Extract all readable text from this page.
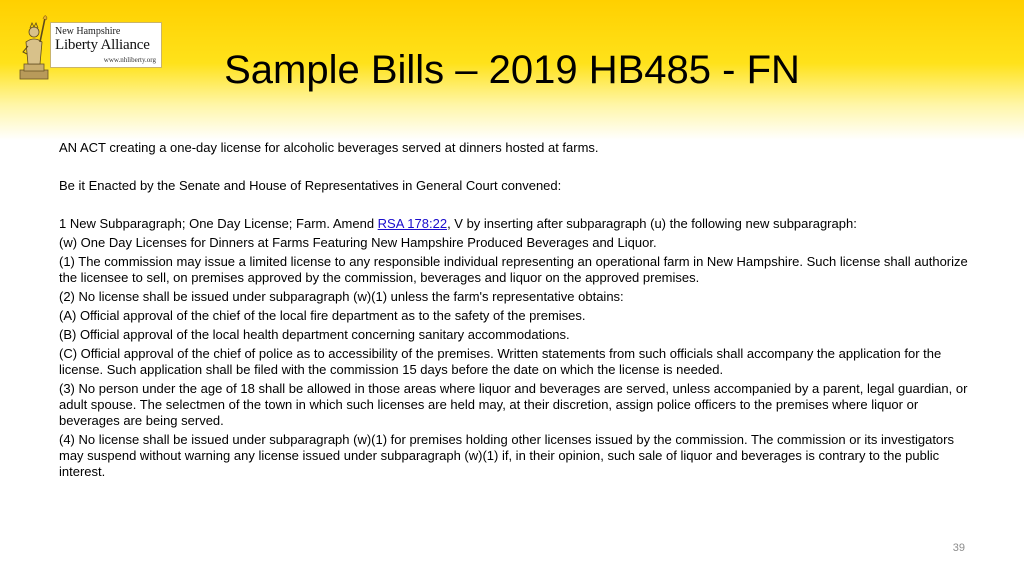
New Hampshire
Liberty Alliance
www.nhliberty.org	Sample Bills – 2019 HB485 - FN

AN ACT creating a one-day license for alcoholic beverages served at dinners hosted at farms.

Be it Enacted by the Senate and House of Representatives in General Court convened:

1 New Subparagraph; One Day License; Farm. Amend RSA 178:22, V by inserting after subparagraph (u) the following new subparagraph:

(w) One Day Licenses for Dinners at Farms Featuring New Hampshire Produced Beverages and Liquor.

(1) The commission may issue a limited license to any responsible individual representing an operational farm in New Hampshire. Such license shall authorize the licensee to sell, on premises approved by the commission, beverages and liquor on the approved premises.

(2) No license shall be issued under subparagraph (w)(1) unless the farm's representative obtains:

(A) Official approval of the chief of the local fire department as to the safety of the premises.

(B) Official approval of the local health department concerning sanitary accommodations.

(C) Official approval of the chief of police as to accessibility of the premises. Written statements from such officials shall accompany the application for the license. Such application shall be filed with the commission 15 days before the date on which the license is needed.

(3) No person under the age of 18 shall be allowed in those areas where liquor and beverages are served, unless accompanied by a parent, legal guardian, or adult spouse. The selectmen of the town in which such licenses are held may, at their discretion, assign police officers to the premises where liquor or beverages are being served.

(4) No license shall be issued under subparagraph (w)(1) for premises holding other licenses issued by the commission. The commission or its investigators may suspend without warning any license issued under subparagraph (w)(1) if, in their opinion, such sale of liquor and beverages is contrary to the public interest.

39
